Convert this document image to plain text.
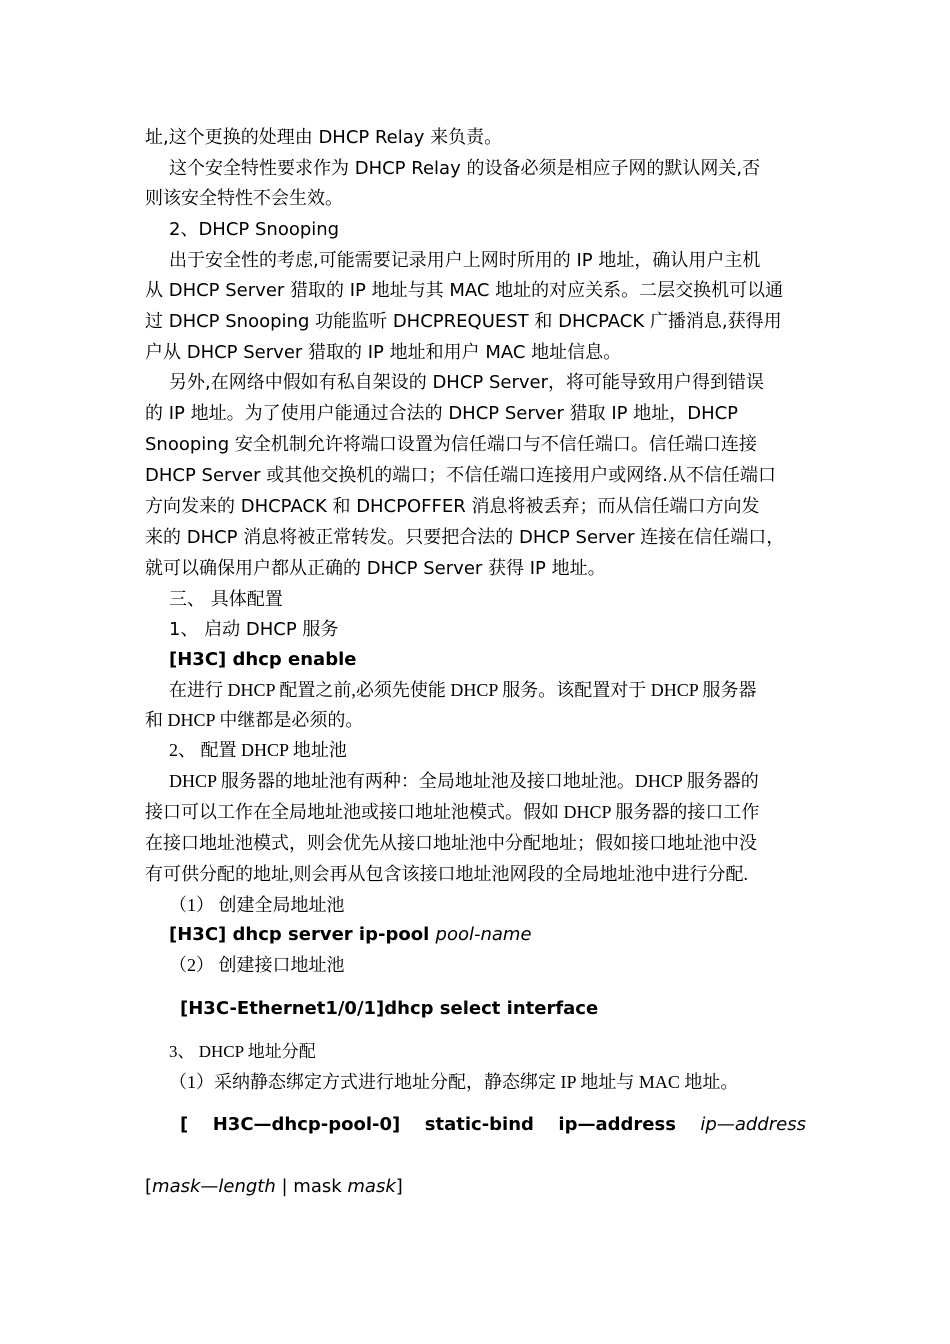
址,这个更换的处理由 DHCP Relay 来负责。

这个安全特性要求作为 DHCP Relay 的设备必须是相应子网的默认网关,否

则该安全特性不会生效。

2、DHCP Snooping

出于安全性的考虑,可能需要记录用户上网时所用的 IP 地址，确认用户主机

从 DHCP Server 猎取的 IP 地址与其 MAC 地址的对应关系。二层交换机可以通

过 DHCP Snooping 功能监听 DHCPREQUEST 和 DHCPACK 广播消息,获得用

户从 DHCP Server 猎取的 IP 地址和用户 MAC 地址信息。

另外,在网络中假如有私自架设的 DHCP Server，将可能导致用户得到错误

的 IP 地址。为了使用户能通过合法的 DHCP Server 猎取 IP 地址，DHCP

Snooping 安全机制允许将端口设置为信任端口与不信任端口。信任端口连接

DHCP Server 或其他交换机的端口；不信任端口连接用户或网络.从不信任端口

方向发来的 DHCPACK 和 DHCPOFFER 消息将被丢弃；而从信任端口方向发

来的 DHCP 消息将被正常转发。只要把合法的 DHCP Server 连接在信任端口，

就可以确保用户都从正确的 DHCP Server 获得 IP 地址。

三、 具体配置

1、 启动 DHCP 服务

[H3C] dhcp enable

在进行 DHCP 配置之前,必须先使能 DHCP 服务。该配置对于 DHCP 服务器

和 DHCP 中继都是必须的。

2、 配置 DHCP 地址池

DHCP 服务器的地址池有两种：全局地址池及接口地址池。DHCP 服务器的

接口可以工作在全局地址池或接口地址池模式。假如 DHCP 服务器的接口工作

在接口地址池模式，则会优先从接口地址池中分配地址；假如接口地址池中没

有可供分配的地址,则会再从包含该接口地址池网段的全局地址池中进行分配.

（1） 创建全局地址池

[H3C] dhcp server ip-pool pool-name

（2） 创建接口地址池

[H3C-Ethernet1/0/1]dhcp select interface

3、 DHCP 地址分配

（1）采纳静态绑定方式进行地址分配，静态绑定 IP 地址与 MAC 地址。

[ H3C—dhcp-pool-0] static-bind ip—address ip—address

[mask—length | mask mask]
